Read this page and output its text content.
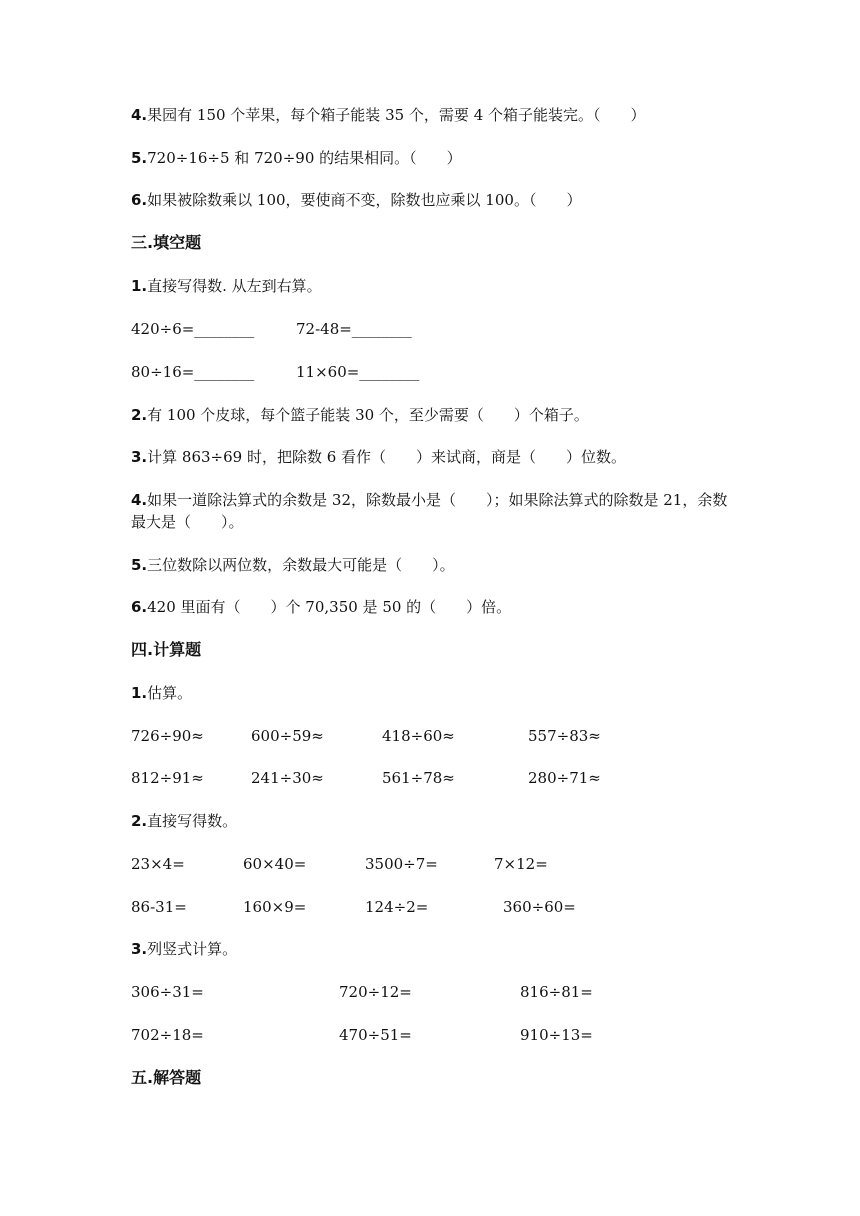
4.果园有 150 个苹果，每个箱子能装 35 个，需要 4 个箱子能装完。（　　）
5.720÷16÷5 和 720÷90 的结果相同。（　　）
6.如果被除数乘以 100，要使商不变，除数也应乘以 100。（　　）
三.填空题
1.直接写得数. 从左到右算。
420÷6=________	72-48=________
80÷16=________	11×60=________
2.有 100 个皮球，每个篮子能装 30 个，至少需要（　　）个箱子。
3.计算 863÷69 时，把除数 6 看作（　　）来试商，商是（　　）位数。
4.如果一道除法算式的余数是 32，除数最小是（　　）；如果除法算式的除数是 21，余数最大是（　　）。
5.三位数除以两位数，余数最大可能是（　　）。
6.420 里面有（　　）个 70,350 是 50 的（　　）倍。
四.计算题
1.估算。
726÷90≈	600÷59≈	418÷60≈	557÷83≈
812÷91≈	241÷30≈	561÷78≈	280÷71≈
2.直接写得数。
23×4=	60×40=	3500÷7=	7×12=
86-31=	160×9=	124÷2=	360÷60=
3.列竖式计算。
306÷31=	720÷12=	816÷81=
702÷18=	470÷51=	910÷13=
五.解答题
